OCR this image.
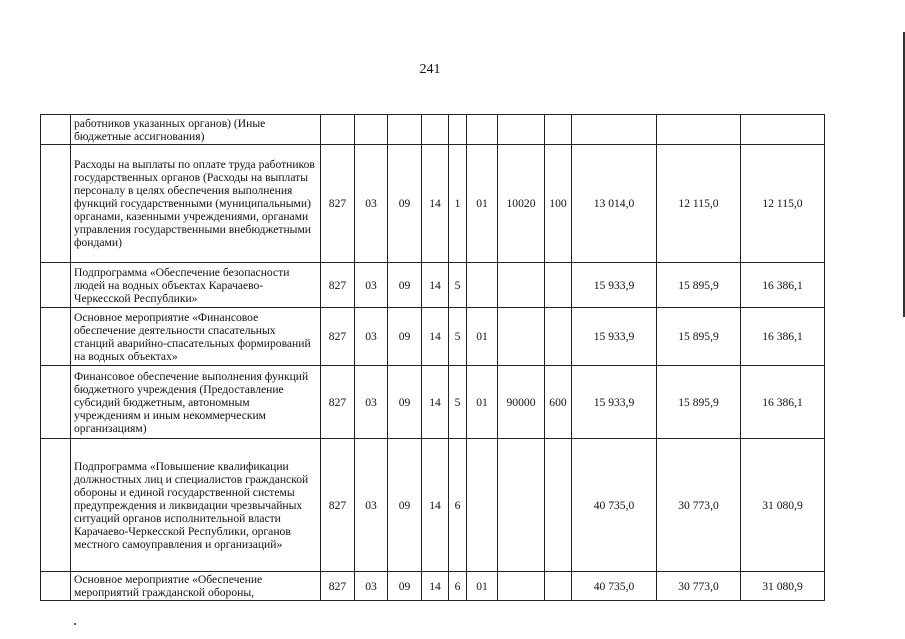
241
	работников указанных органов) (Иные бюджетные ассигнования)											
	Расходы на выплаты по оплате труда работников государственных органов (Расходы на выплаты персоналу в целях обеспечения выполнения функций государственными (муниципальными) органами, казенными учреждениями, органами управления государственными внебюджетными фондами)	827	03	09	14	1	01	10020	100	13 014,0	12 115,0	12 115,0
	Подпрограмма «Обеспечение безопасности людей на водных объектах Карачаево-Черкесской Республики»	827	03	09	14	5				15 933,9	15 895,9	16 386,1
	Основное мероприятие «Финансовое обеспечение деятельности спасательных станций аварийно-спасательных формирований на водных объектах»	827	03	09	14	5	01			15 933,9	15 895,9	16 386,1
	Финансовое обеспечение выполнения функций бюджетного учреждения (Предоставление субсидий бюджетным, автономным учреждениям и иным некоммерческим организациям)	827	03	09	14	5	01	90000	600	15 933,9	15 895,9	16 386,1
	Подпрограмма «Повышение квалификации должностных лиц и специалистов гражданской обороны и единой государственной системы предупреждения и ликвидации чрезвычайных ситуаций органов исполнительной власти Карачаево-Черкесской Республики, органов местного самоуправления и организаций»	827	03	09	14	6				40 735,0	30 773,0	31 080,9
	Основное мероприятие «Обеспечение мероприятий гражданской обороны,	827	03	09	14	6	01			40 735,0	30 773,0	31 080,9
